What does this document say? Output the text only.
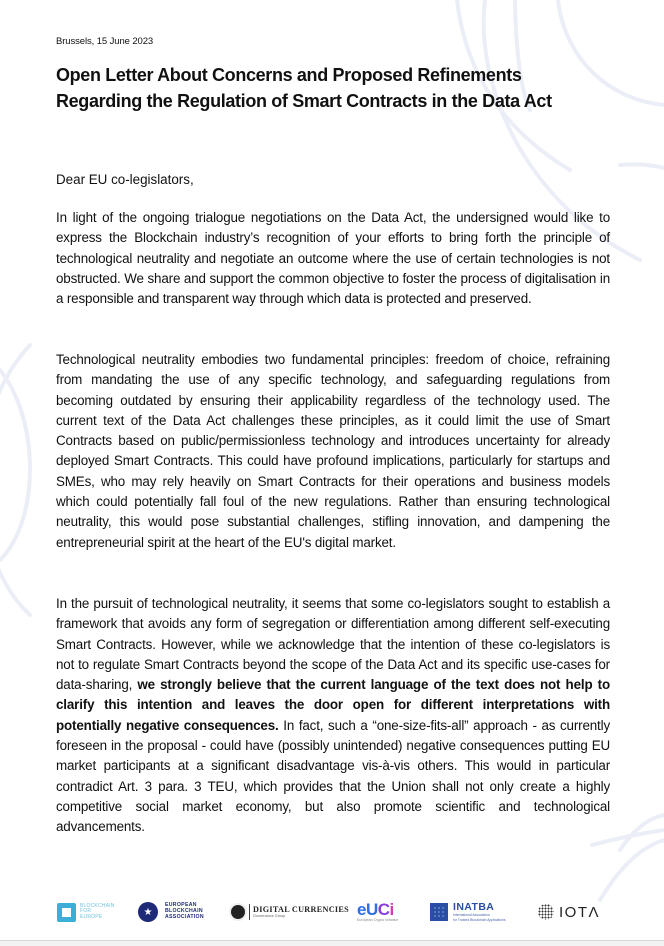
Brussels, 15 June 2023
Open Letter About Concerns and Proposed Refinements
Regarding the Regulation of Smart Contracts in the Data Act
Dear EU co-legislators,

In light of the ongoing trialogue negotiations on the Data Act, the undersigned would like to express the Blockchain industry’s recognition of your efforts to bring forth the principle of technological neutrality and negotiate an outcome where the use of certain technologies is not obstructed. We share and support the common objective to foster the process of digitalisation in a responsible and transparent way through which data is protected and preserved.

Technological neutrality embodies two fundamental principles: freedom of choice, refraining from mandating the use of any specific technology, and safeguarding regulations from becoming outdated by ensuring their applicability regardless of the technology used. The current text of the Data Act challenges these principles, as it could limit the use of Smart Contracts based on public/permissionless technology and introduces uncertainty for already deployed Smart Contracts. This could have profound implications, particularly for startups and SMEs, who may rely heavily on Smart Contracts for their operations and business models which could potentially fall foul of the new regulations. Rather than ensuring technological neutrality, this would pose substantial challenges, stifling innovation, and dampening the entrepreneurial spirit at the heart of the EU's digital market.

In the pursuit of technological neutrality, it seems that some co-legislators sought to establish a framework that avoids any form of segregation or differentiation among different self-executing Smart Contracts. However, while we acknowledge that the intention of these co-legislators is not to regulate Smart Contracts beyond the scope of the Data Act and its specific use-cases for data-sharing, we strongly believe that the current language of the text does not help to clarify this intention and leaves the door open for different interpretations with potentially negative consequences. In fact, such a “one-size-fits-all” approach - as currently foreseen in the proposal - could have (possibly unintended) negative consequences putting EU market participants at a significant disadvantage vis-à-vis others. This would in particular contradict Art. 3 para. 3 TEU, which provides that the Union shall not only create a highly competitive social market economy, but also promote scientific and technological advancements.

BLOCKCHAIN
FOR
EUROPE	★
EUROPEAN
BLOCKCHAIN
ASSOCIATION
DIGITAL CURRENCIES
Governance Group	eUCi
European Crypto Initiative
INATBA
International Association
for Trusted Blockchain Applications	IOTΛ
